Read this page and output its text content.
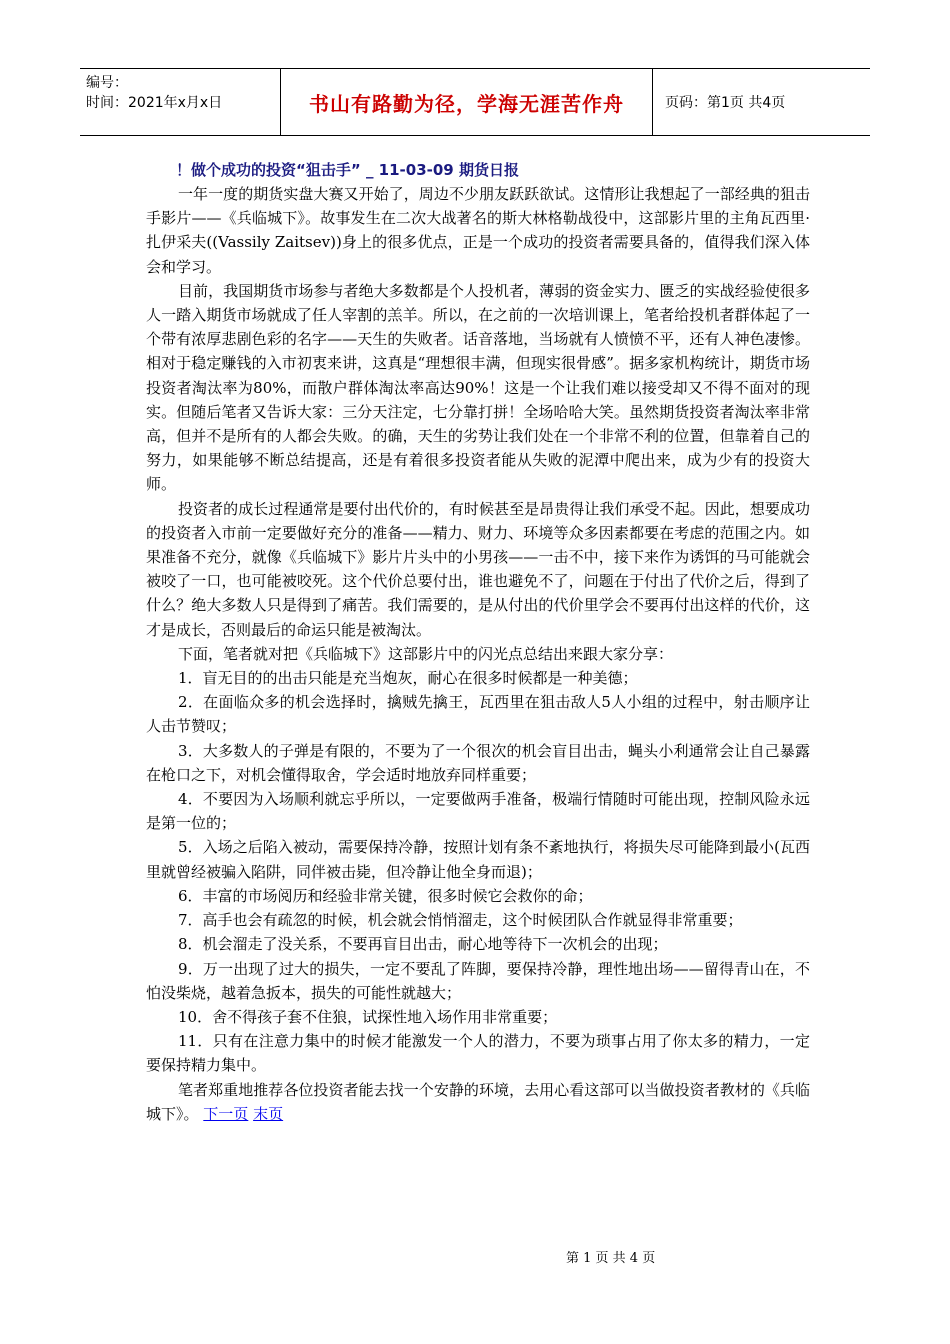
编号：
时间：2021年x月x日	书山有路勤为径，学海无涯苦作舟	页码：第1页 共4页
！做个成功的投资“狙击手” _ 11-03-09 期货日报

一年一度的期货实盘大赛又开始了，周边不少朋友跃跃欲试。这情形让我想起了一部经典的狙击手影片——《兵临城下》。故事发生在二次大战著名的斯大林格勒战役中，这部影片里的主角瓦西里·扎伊采夫((Vassily Zaitsev))身上的很多优点，正是一个成功的投资者需要具备的，值得我们深入体会和学习。

目前，我国期货市场参与者绝大多数都是个人投机者，薄弱的资金实力、匮乏的实战经验使很多人一踏入期货市场就成了任人宰割的羔羊。所以，在之前的一次培训课上，笔者给投机者群体起了一个带有浓厚悲剧色彩的名字——天生的失败者。话音落地，当场就有人愤愤不平，还有人神色凄惨。相对于稳定赚钱的入市初衷来讲，这真是“理想很丰满，但现实很骨感”。据多家机构统计，期货市场投资者淘汰率为80%，而散户群体淘汰率高达90%！这是一个让我们难以接受却又不得不面对的现实。但随后笔者又告诉大家：三分天注定，七分靠打拼！全场哈哈大笑。虽然期货投资者淘汰率非常高，但并不是所有的人都会失败。的确，天生的劣势让我们处在一个非常不利的位置，但靠着自己的努力，如果能够不断总结提高，还是有着很多投资者能从失败的泥潭中爬出来，成为少有的投资大师。

投资者的成长过程通常是要付出代价的，有时候甚至是昂贵得让我们承受不起。因此，想要成功的投资者入市前一定要做好充分的准备——精力、财力、环境等众多因素都要在考虑的范围之内。如果准备不充分，就像《兵临城下》影片片头中的小男孩——一击不中，接下来作为诱饵的马可能就会被咬了一口，也可能被咬死。这个代价总要付出，谁也避免不了，问题在于付出了代价之后，得到了什么？绝大多数人只是得到了痛苦。我们需要的，是从付出的代价里学会不要再付出这样的代价，这才是成长，否则最后的命运只能是被淘汰。

下面，笔者就对把《兵临城下》这部影片中的闪光点总结出来跟大家分享：

1．盲无目的的出击只能是充当炮灰，耐心在很多时候都是一种美德；

2．在面临众多的机会选择时，擒贼先擒王，瓦西里在狙击敌人5人小组的过程中，射击顺序让人击节赞叹；

3．大多数人的子弹是有限的，不要为了一个很次的机会盲目出击，蝇头小利通常会让自己暴露在枪口之下，对机会懂得取舍，学会适时地放弃同样重要；

4．不要因为入场顺利就忘乎所以，一定要做两手准备，极端行情随时可能出现，控制风险永远是第一位的；

5．入场之后陷入被动，需要保持冷静，按照计划有条不紊地执行，将损失尽可能降到最小(瓦西里就曾经被骗入陷阱，同伴被击毙，但冷静让他全身而退)；

6．丰富的市场阅历和经验非常关键，很多时候它会救你的命；

7．高手也会有疏忽的时候，机会就会悄悄溜走，这个时候团队合作就显得非常重要；

8．机会溜走了没关系，不要再盲目出击，耐心地等待下一次机会的出现；

9．万一出现了过大的损失，一定不要乱了阵脚，要保持冷静，理性地出场——留得青山在，不怕没柴烧，越着急扳本，损失的可能性就越大；

10．舍不得孩子套不住狼，试探性地入场作用非常重要；

11．只有在注意力集中的时候才能激发一个人的潜力，不要为琐事占用了你太多的精力，一定要保持精力集中。

笔者郑重地推荐各位投资者能去找一个安静的环境，去用心看这部可以当做投资者教材的《兵临城下》。 下一页 末页

第 1 页 共 4 页
